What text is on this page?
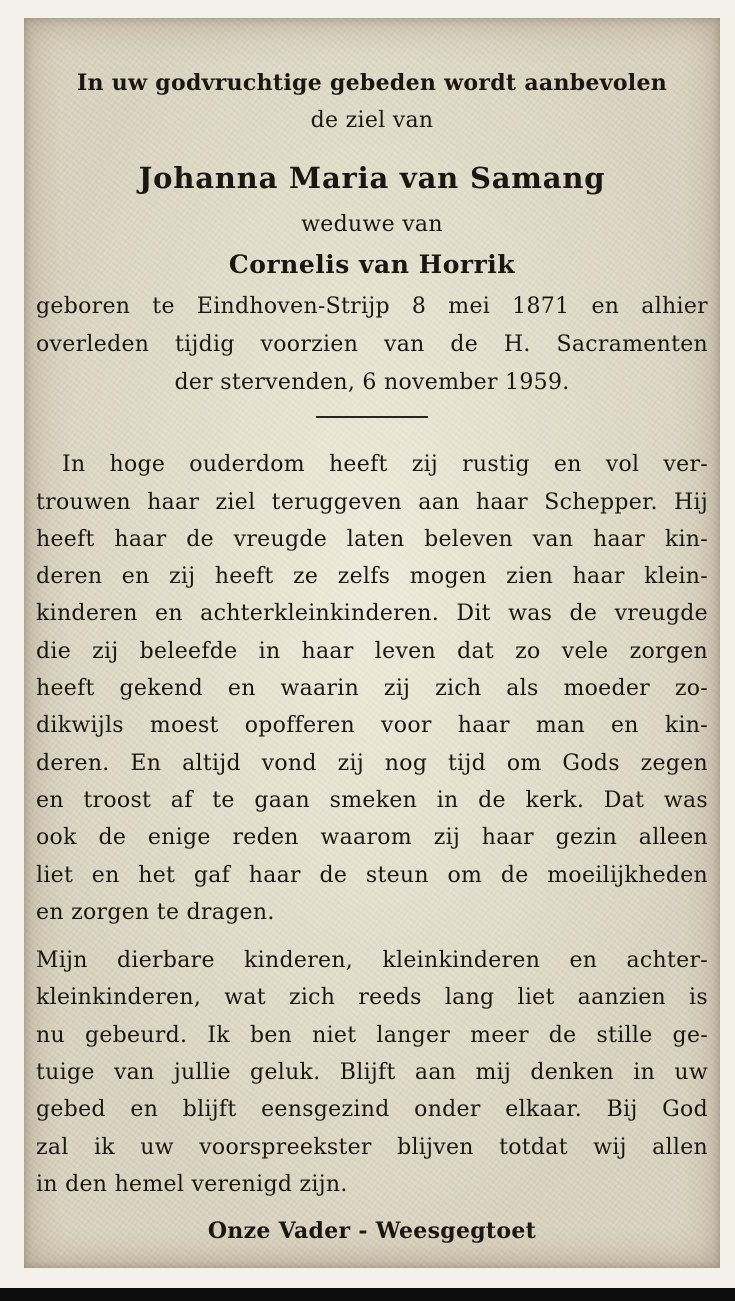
In uw godvruchtige gebeden wordt aanbevolen
de ziel van
Johanna Maria van Samang
weduwe van
Cornelis van Horrik
geboren te Eindhoven-Strijp 8 mei 1871 en alhier
overleden tijdig voorzien van de H. Sacramenten
der stervenden, 6 november 1959.
In hoge ouderdom heeft zij rustig en vol ver-
trouwen haar ziel teruggeven aan haar Schepper. Hij
heeft haar de vreugde laten beleven van haar kin-
deren en zij heeft ze zelfs mogen zien haar klein-
kinderen en achterkleinkinderen. Dit was de vreugde
die zij beleefde in haar leven dat zo vele zorgen
heeft gekend en waarin zij zich als moeder zo-
dikwijls moest opofferen voor haar man en kin-
deren. En altijd vond zij nog tijd om Gods zegen
en troost af te gaan smeken in de kerk. Dat was
ook de enige reden waarom zij haar gezin alleen
liet en het gaf haar de steun om de moeilijkheden
en zorgen te dragen.
Mijn dierbare kinderen, kleinkinderen en achter-
kleinkinderen, wat zich reeds lang liet aanzien is
nu gebeurd. Ik ben niet langer meer de stille ge-
tuige van jullie geluk. Blijft aan mij denken in uw
gebed en blijft eensgezind onder elkaar. Bij God
zal ik uw voorspreekster blijven totdat wij allen
in den hemel verenigd zijn.
Onze Vader - Weesgegtoet
